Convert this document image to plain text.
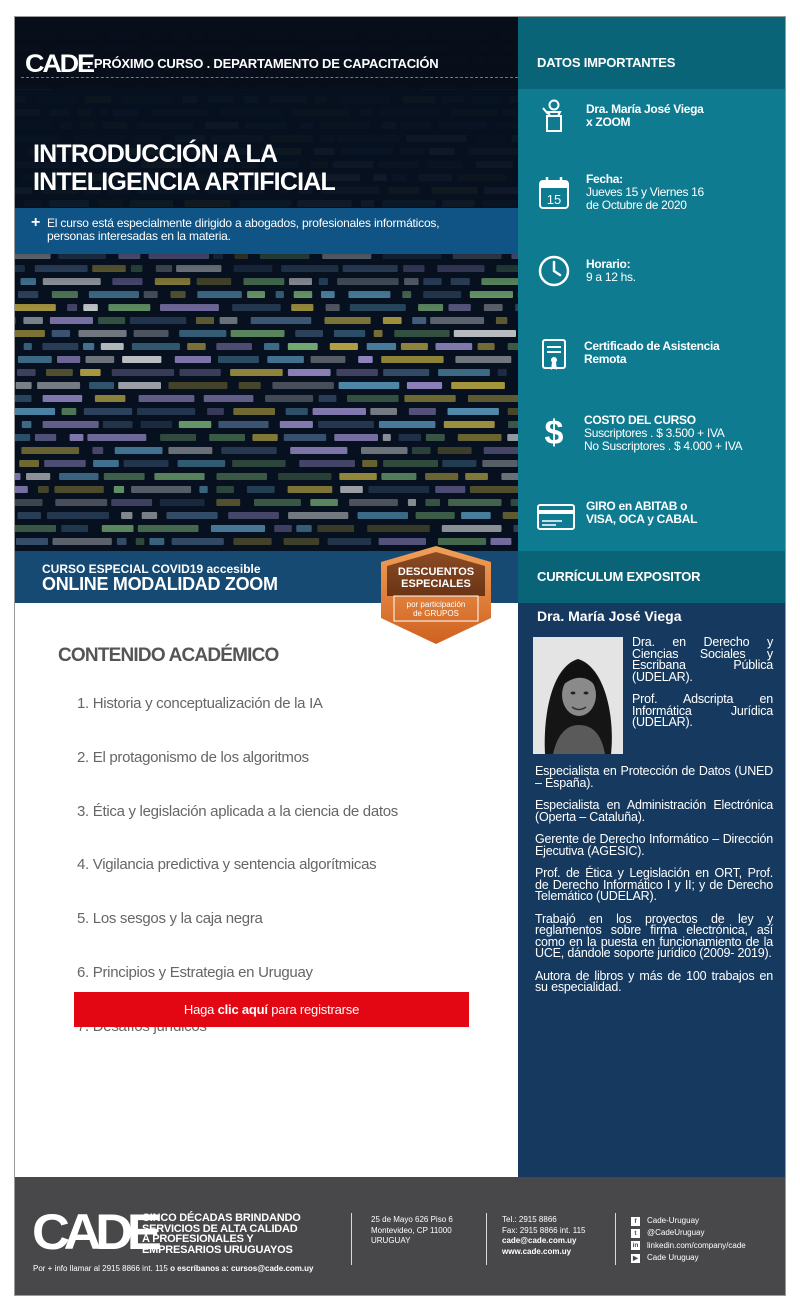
CADE
. PRÓXIMO CURSO . DEPARTAMENTO DE CAPACITACIÓN
INTRODUCCIÓN A LA
INTELIGENCIA ARTIFICIAL
+ El curso está especialmente dirigido a abogados, profesionales informáticos, personas interesadas en la materia.
DATOS IMPORTANTES
Dra. María José Viega
x ZOOM
15
Fecha:
Jueves 15 y Viernes 16
de Octubre de 2020
Horario:
9 a 12 hs.
Certificado de Asistencia
Remota
$	COSTO DEL CURSO
Suscriptores . $ 3.500 + IVA
No Suscriptores . $ 4.000 + IVA
GIRO en ABITAB o
VISA, OCA y CABAL
CURSO ESPECIAL COVID19 accesible
ONLINE MODALIDAD ZOOM	CURRÍCULUM EXPOSITOR
DESCUENTOS
ESPECIALES
por participación
de GRUPOS
CONTENIDO ACADÉMICO
1. Historia y conceptualización de la IA
2. El protagonismo de los algoritmos
3. Ética y legislación aplicada a la ciencia de datos
4. Vigilancia predictiva y sentencia algorítmicas
5. Los sesgos y la caja negra
6. Principios y Estrategia en Uruguay
Haga clic aquí para registrarse
Dra. María José Viega

Dra. en Derecho y Ciencias Sociales y Escribana Pública (UDELAR).

Prof. Adscripta en Informática Jurídica (UDELAR).

Especialista en Protección de Datos (UNED – España).

Especialista en Administración Electrónica (Operta – Cataluña).

Gerente de Derecho Informático – Dirección Ejecutiva (AGESIC).

Prof. de Ética y Legislación en ORT, Prof. de Derecho Informático I y II; y de Derecho Telemático (UDELAR).

Trabajó en los proyectos de ley y reglamentos sobre firma electrónica, así como en la puesta en funcionamiento de la UCE, dándole soporte jurídico (2009- 2019).

Autora de libros y más de 100 trabajos en su especialidad.

CADE
CINCO DÉCADAS BRINDANDO
SERVICIOS DE ALTA CALIDAD
A PROFESIONALES Y
EMPRESARIOS URUGUAYOS
Por + info llamar al 2915 8866 int. 115 o escríbanos a: cursos@cade.com.uy
25 de Mayo 626 Piso 6
Montevideo, CP 11000
URUGUAY
Tel.: 2915 8866
Fax: 2915 8866 int. 115
cade@cade.com.uy
www.cade.com.uy
f	Cade-Uruguay
t	@CadeUruguay
in linkedin.com/company/cade
▶ Cade Uruguay
